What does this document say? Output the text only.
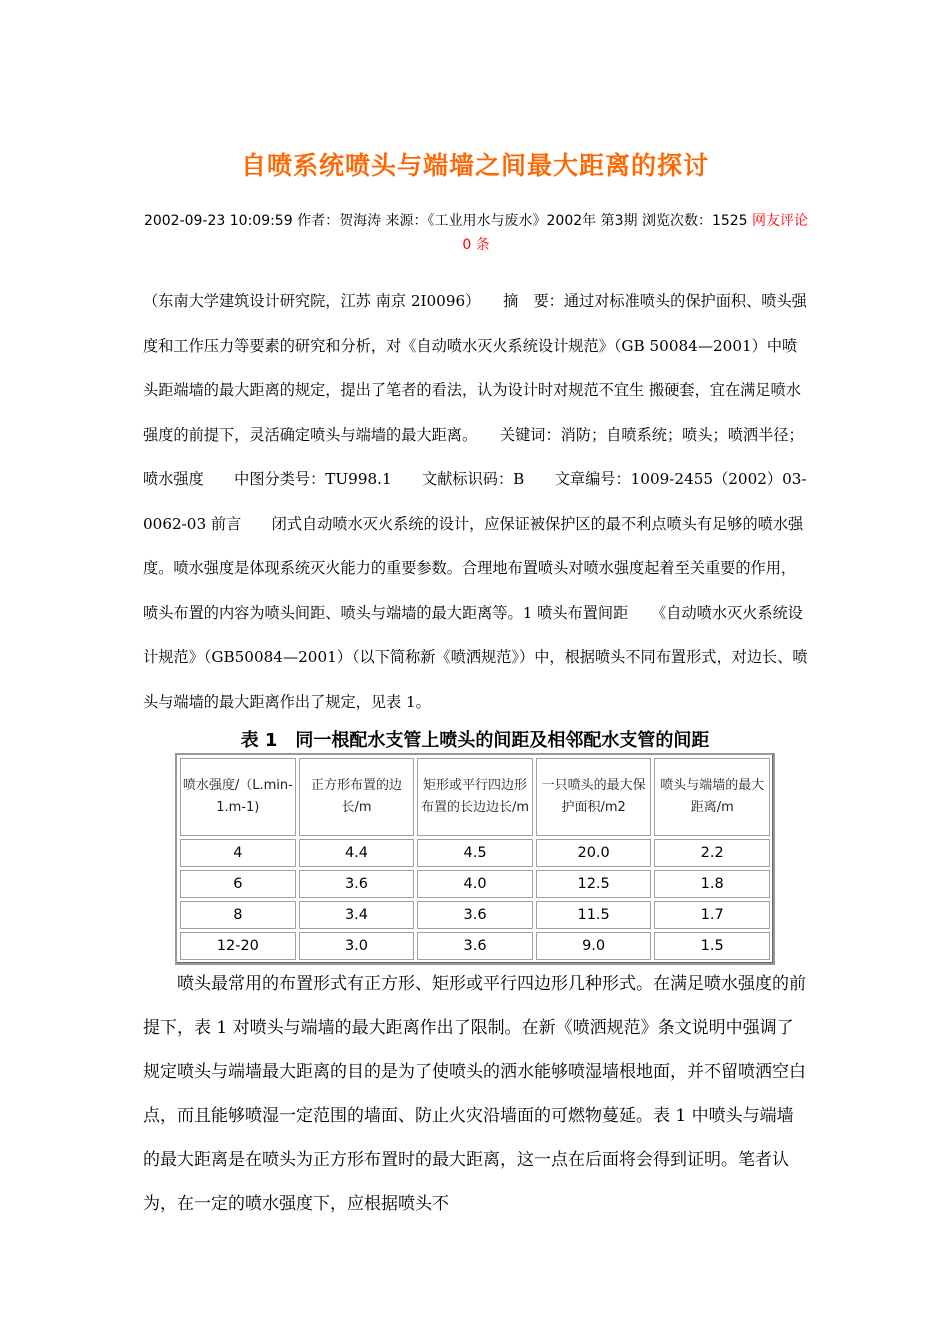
自喷系统喷头与端墙之间最大距离的探讨
2002-09-23 10:09:59 作者：贺海涛 来源：《工业用水与废水》2002年 第3期 浏览次数：1525 网友评论 0 条
（东南大学建筑设计研究院，江苏 南京 2I0096）　　摘　要：通过对标准喷头的保护面积、喷头强度和工作压力等要素的研究和分析，对《自动喷水灭火系统设计规范》（GB 50084—2001）中喷头距端墙的最大距离的规定，提出了笔者的看法，认为设计时对规范不宜生 搬硬套，宜在满足喷水强度的前提下，灵活确定喷头与端墙的最大距离。　　关键词：消防；自喷系统；喷头；喷洒半径；喷水强度　　中图分类号：TU998.1　　文献标识码：B　　文章编号：1009-2455（2002）03-0062-03 前言　　闭式自动喷水灭火系统的设计，应保证被保护区的最不利点喷头有足够的喷水强度。喷水强度是体现系统灭火能力的重要参数。合理地布置喷头对喷水强度起着至关重要的作用，喷头布置的内容为喷头间距、喷头与端墙的最大距离等。1 喷头布置间距　　《自动喷水灭火系统设计规范》（GB50084—2001）（以下简称新《喷洒规范》）中，根据喷头不同布置形式，对边长、喷头与端墙的最大距离作出了规定，见表 1。
表 1　同一根配水支管上喷头的间距及相邻配水支管的间距
喷水强度/（L.min-1.m-1)	正方形布置的边长/m	矩形或平行四边形布置的长边边长/m	一只喷头的最大保护面积/m2	喷头与端墙的最大距离/m
4	4.4	4.5	20.0	2.2
6	3.6	4.0	12.5	1.8
8	3.4	3.6	11.5	1.7
12-20	3.0	3.6	9.0	1.5
　　喷头最常用的布置形式有正方形、矩形或平行四边形几种形式。在满足喷水强度的前提下，表 1 对喷头与端墙的最大距离作出了限制。在新《喷洒规范》条文说明中强调了规定喷头与端墙最大距离的目的是为了使喷头的洒水能够喷湿墙根地面，并不留喷洒空白点，而且能够喷湿一定范围的墙面、防止火灾沿墙面的可燃物蔓延。表 1 中喷头与端墙的最大距离是在喷头为正方形布置时的最大距离，这一点在后面将会得到证明。笔者认为，在一定的喷水强度下，应根据喷头不
